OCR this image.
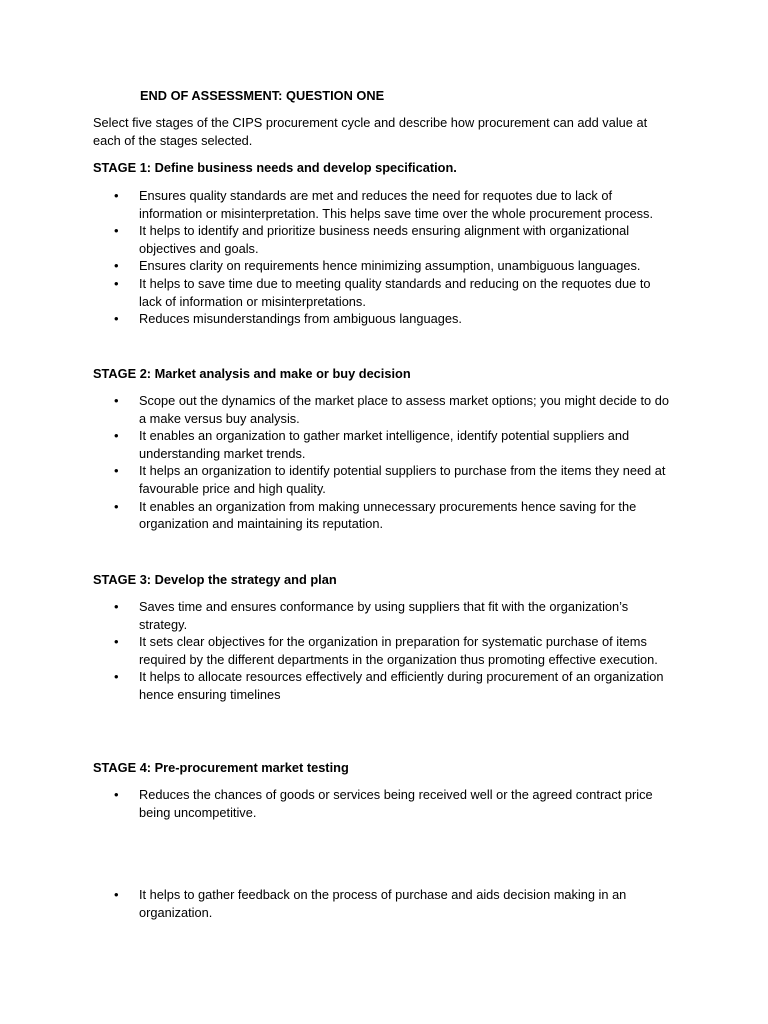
END OF ASSESSMENT: QUESTION ONE
Select five stages of the CIPS procurement cycle and describe how procurement can add value at each of the stages selected.
STAGE 1: Define business needs and develop specification.
•	Ensures quality standards are met and reduces the need for requotes due to lack of information or misinterpretation. This helps save time over the whole procurement process.
•	It helps to identify and prioritize business needs ensuring alignment with organizational objectives and goals.
•	Ensures clarity on requirements hence minimizing assumption, unambiguous languages.
•	It helps to save time due to meeting quality standards and reducing on the requotes due to lack of information or misinterpretations.
•	Reduces misunderstandings from ambiguous languages.
STAGE 2: Market analysis and make or buy decision
•	Scope out the dynamics of the market place to assess market options; you might decide to do a make versus buy analysis.
•	It enables an organization to gather market intelligence, identify potential suppliers and understanding market trends.
•	It helps an organization to identify potential suppliers to purchase from the items they need at favourable price and high quality.
•	It enables an organization from making unnecessary procurements hence saving for the organization and maintaining its reputation.
STAGE 3: Develop the strategy and plan
•	Saves time and ensures conformance by using suppliers that fit with the organization’s strategy.
•	It sets clear objectives for the organization in preparation for systematic purchase of items required by the different departments in the organization thus promoting effective execution.
•	It helps to allocate resources effectively and efficiently during procurement of an organization hence ensuring timelines
STAGE 4: Pre-procurement market testing
•	Reduces the chances of goods or services being received well or the agreed contract price being uncompetitive.
•	It helps to gather feedback on the process of purchase and aids decision making in an organization.
